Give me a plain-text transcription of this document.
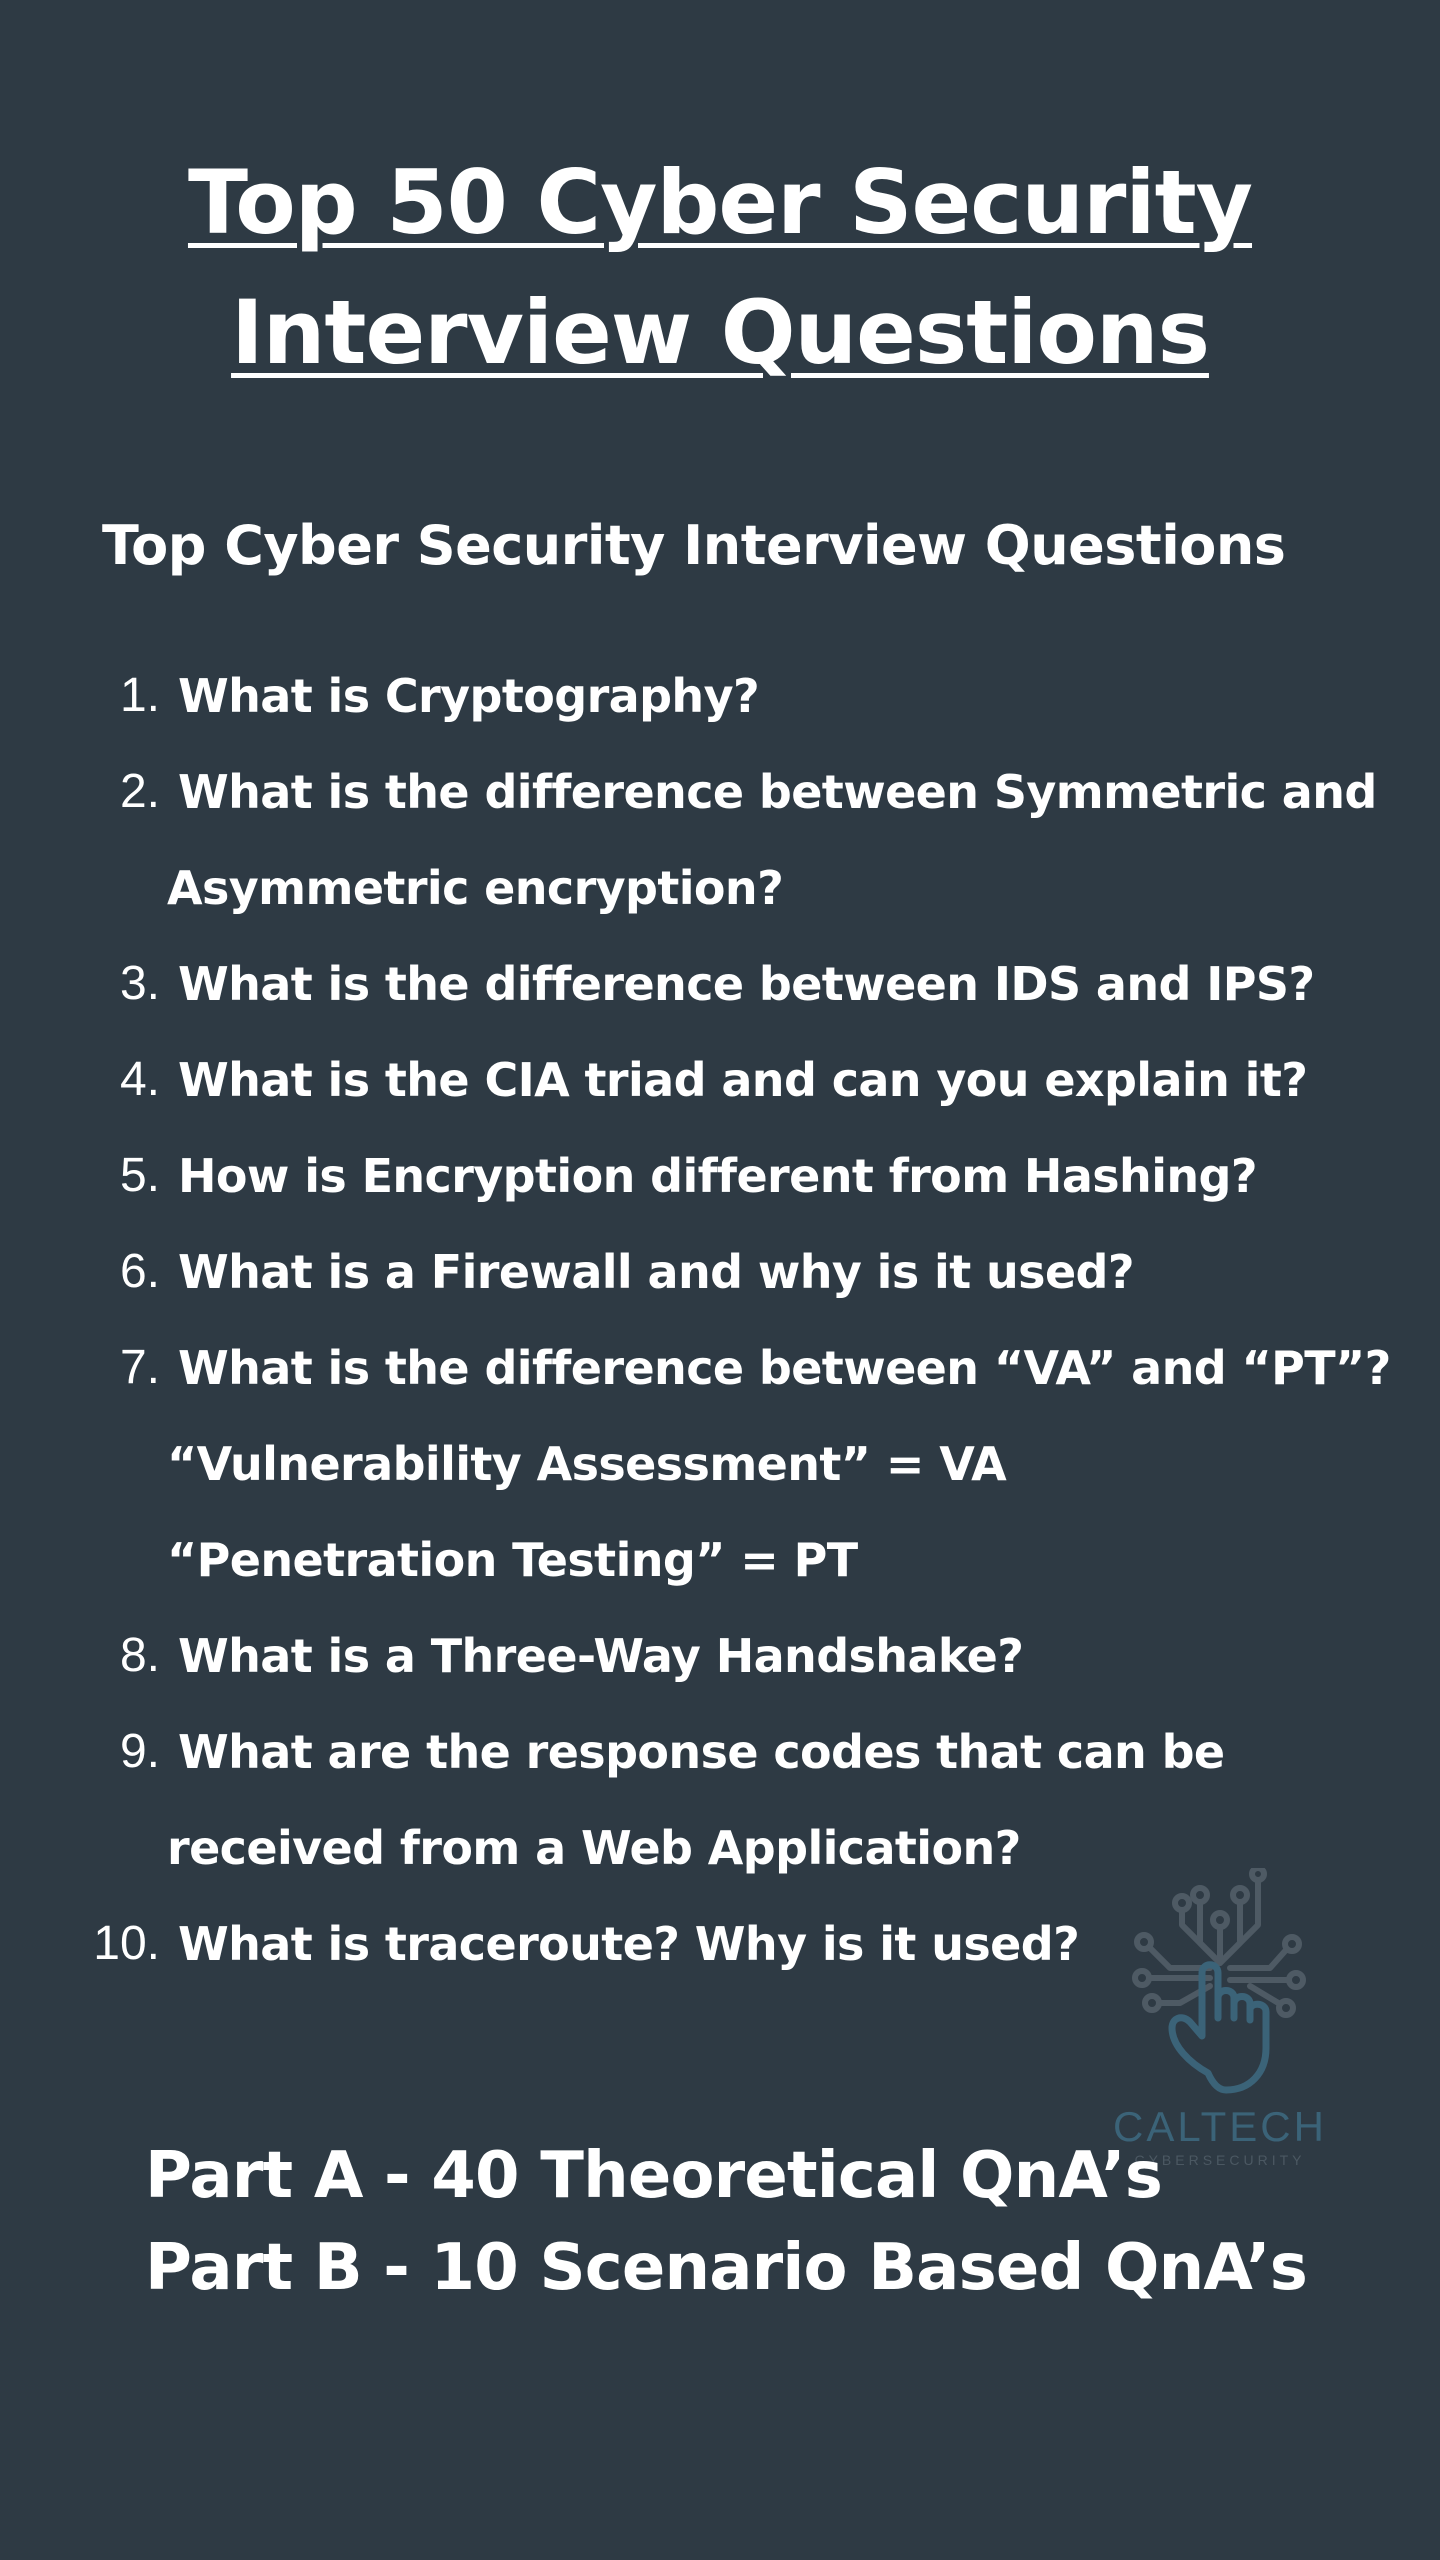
Top 50 Cyber Security
Interview Questions
Top Cyber Security Interview Questions
1. What is Cryptography?
2. What is the difference between Symmetric and
Asymmetric encryption?
3. What is the difference between IDS and IPS?
4. What is the CIA triad and can you explain it?
5. How is Encryption different from Hashing?
6. What is a Firewall and why is it used?
7. What is the difference between “VA” and “PT”?
“Vulnerability Assessment” = VA
“Penetration Testing” = PT
8. What is a Three-Way Handshake?
9. What are the response codes that can be
received from a Web Application?
10. What is traceroute? Why is it used?
CALTECH
CYBERSECURITY
Part A - 40 Theoretical QnA’s
Part B - 10 Scenario Based QnA’s
